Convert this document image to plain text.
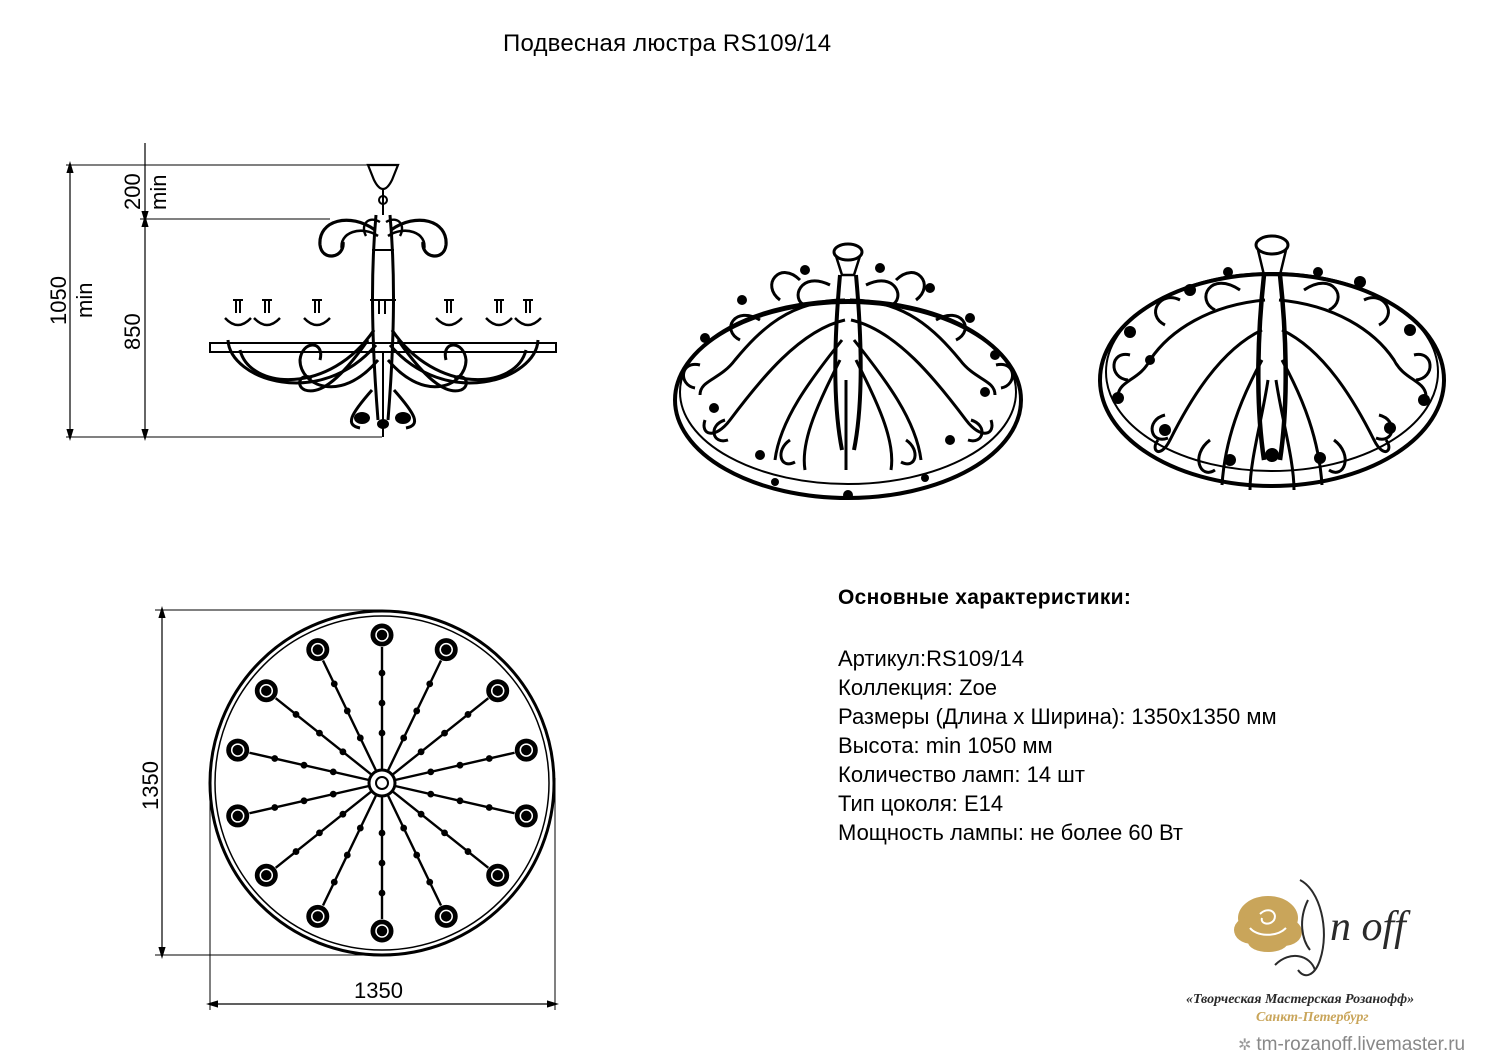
Подвесная люстра RS109/14
1050 min
200 min
850
1350
1350
Основные характеристики:
Артикул:RS109/14
Коллекция: Zoe
Размеры (Длина х Ширина): 1350х1350 мм
Высота: min 1050 мм
Количество ламп: 14 шт
Тип цоколя: E14
Мощность лампы: не более 60 Вт
n off
«Творческая Мастерская Розанофф»
Санкт-Петербург
✲ tm-rozanoff.livemaster.ru
